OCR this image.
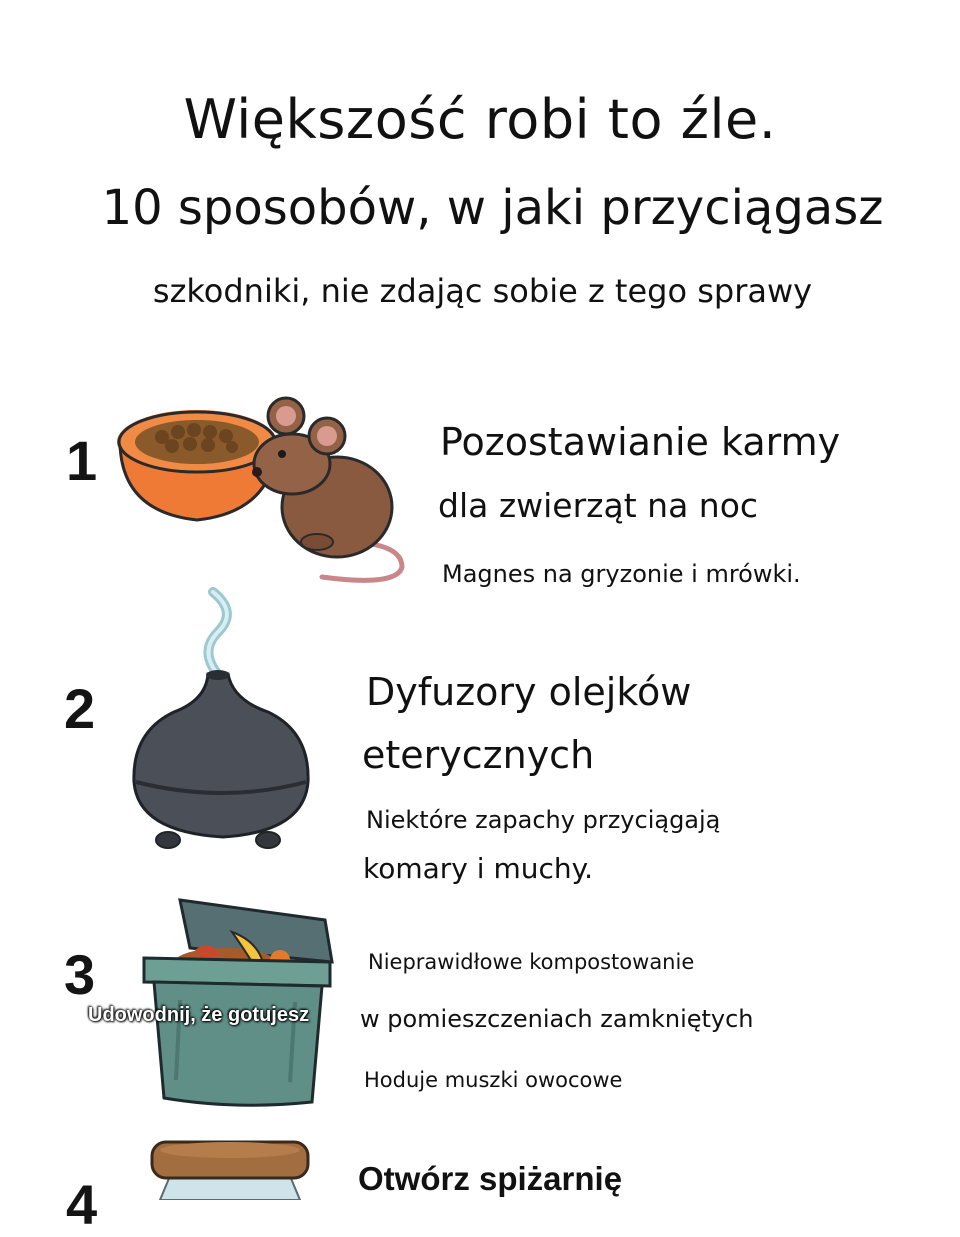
Większość robi to źle.
10 sposobów, w jaki przyciągasz
szkodniki, nie zdając sobie z tego sprawy
1	Pozostawianie karmy
dla zwierząt na noc
Magnes na gryzonie i mrówki.
2	Dyfuzory olejków
eterycznych
Niektóre zapachy przyciągają
komary i muchy.
3
Udowodnij, że gotujesz
Nieprawidłowe kompostowanie
w pomieszczeniach zamkniętych
Hoduje muszki owocowe
4	Otwórz spiżarnię
